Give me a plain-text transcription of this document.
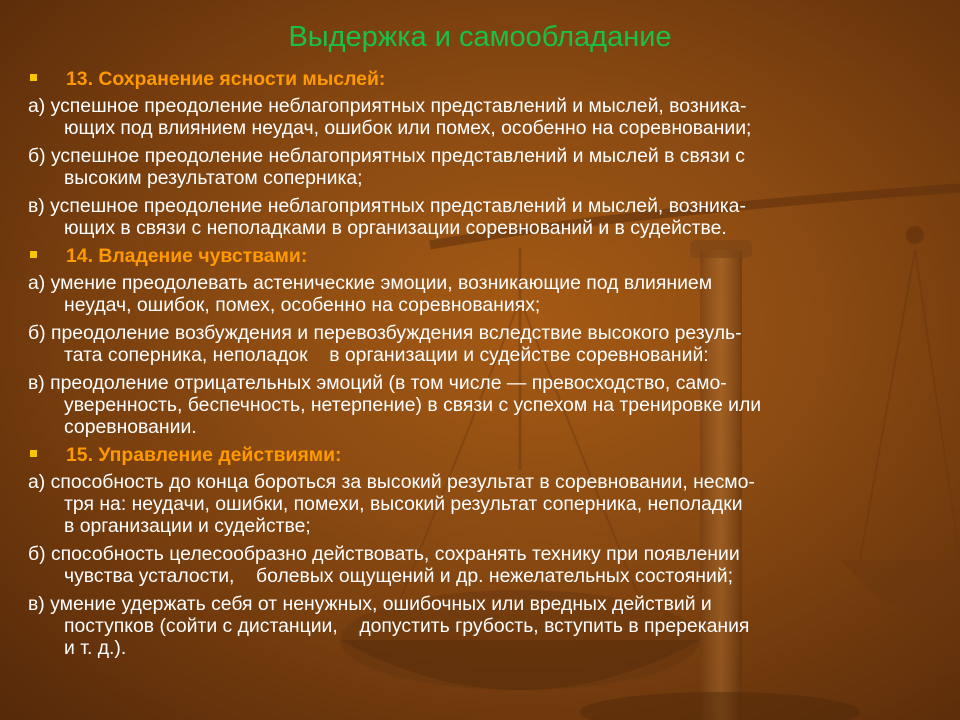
Выдержка и самообладание
13. Сохранение ясности мыслей:
а) успешное преодоление неблагоприятных представлений и мыслей, возника-
ющих под влиянием неудач, ошибок или помех, особенно на соревновании;
б) успешное преодоление неблагоприятных представлений и мыслей в связи с
высоким результатом соперника;
в) успешное преодоление неблагоприятных представлений и мыслей, возника-
ющих в связи с неполадками в организации соревнований и в судействе.
14. Владение чувствами:
а) умение преодолевать астенические эмоции, возникающие под влиянием
неудач, ошибок, помех, особенно на соревнованиях;
б) преодоление возбуждения и перевозбуждения вследствие высокого резуль-
тата соперника, неполадок    в организации и судействе соревнований:
в) преодоление отрицательных эмоций (в том числе — превосходство, само-
уверенность, беспечность, нетерпение) в связи с успехом на тренировке или
соревновании.
15. Управление действиями:
а) способность до конца бороться за высокий результат в соревновании, несмо-
тря на: неудачи, ошибки, помехи, высокий результат соперника, неполадки
в организации и судействе;
б) способность целесообразно действовать, сохранять технику при появлении
чувства усталости,    болевых ощущений и др. нежелательных состояний;
в) умение удержать себя от ненужных, ошибочных или вредных действий и
поступков (сойти с дистанции,    допустить грубость, вступить в пререкания
и т. д.).
